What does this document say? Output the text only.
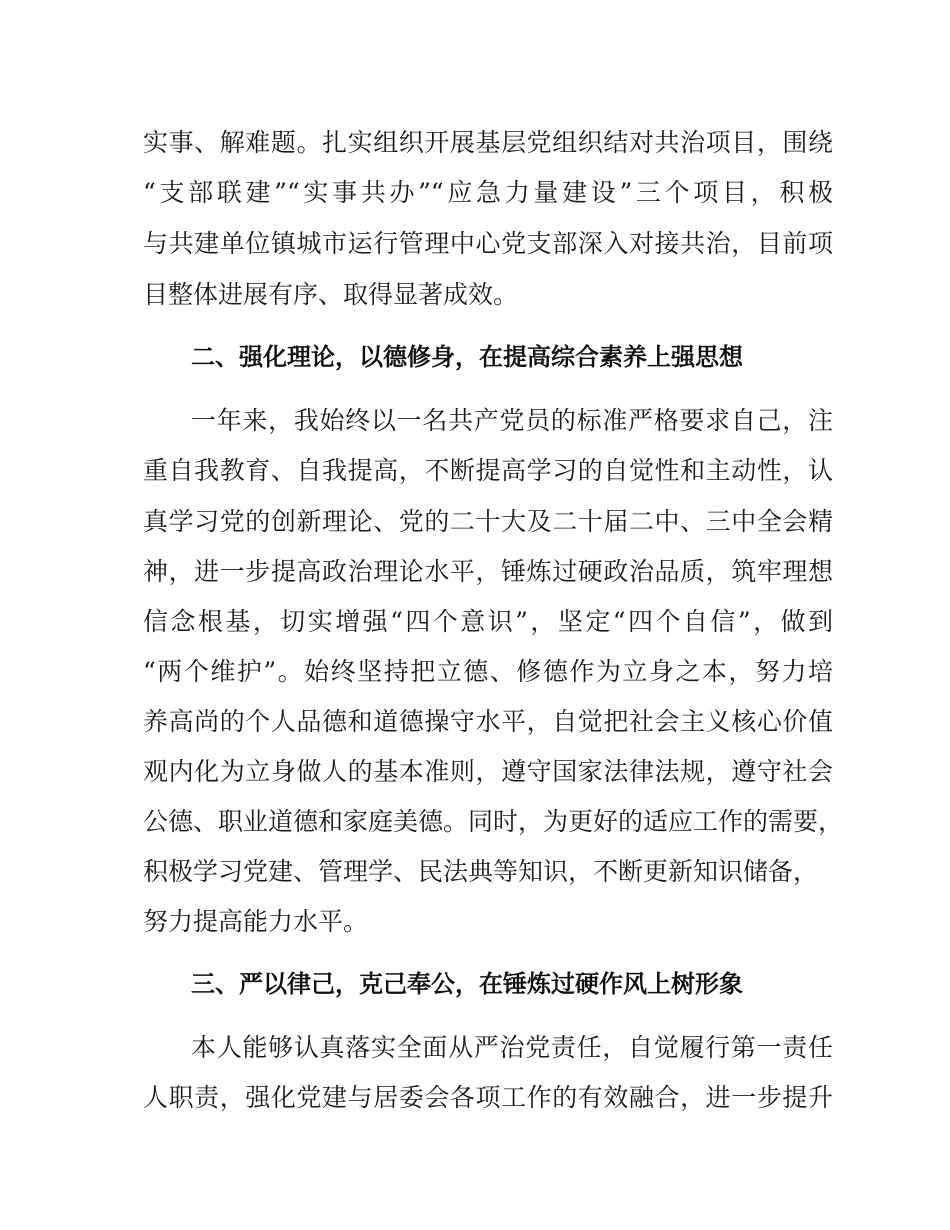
实事、解难题。扎实组织开展基层党组织结对共治项目，围绕
“支部联建”“实事共办”“应急力量建设”三个项目，积极
与共建单位镇城市运行管理中心党支部深入对接共治，目前项
目整体进展有序、取得显著成效。
二、强化理论，以德修身，在提高综合素养上强思想
一年来，我始终以一名共产党员的标准严格要求自己，注
重自我教育、自我提高，不断提高学习的自觉性和主动性，认
真学习党的创新理论、党的二十大及二十届二中、三中全会精
神，进一步提高政治理论水平，锤炼过硬政治品质，筑牢理想
信念根基，切实增强“四个意识”，坚定“四个自信”，做到
“两个维护”。始终坚持把立德、修德作为立身之本，努力培
养高尚的个人品德和道德操守水平，自觉把社会主义核心价值
观内化为立身做人的基本准则，遵守国家法律法规，遵守社会
公德、职业道德和家庭美德。同时，为更好的适应工作的需要，
积极学习党建、管理学、民法典等知识，不断更新知识储备，
努力提高能力水平。
三、严以律己，克己奉公，在锤炼过硬作风上树形象
本人能够认真落实全面从严治党责任，自觉履行第一责任
人职责，强化党建与居委会各项工作的有效融合，进一步提升
